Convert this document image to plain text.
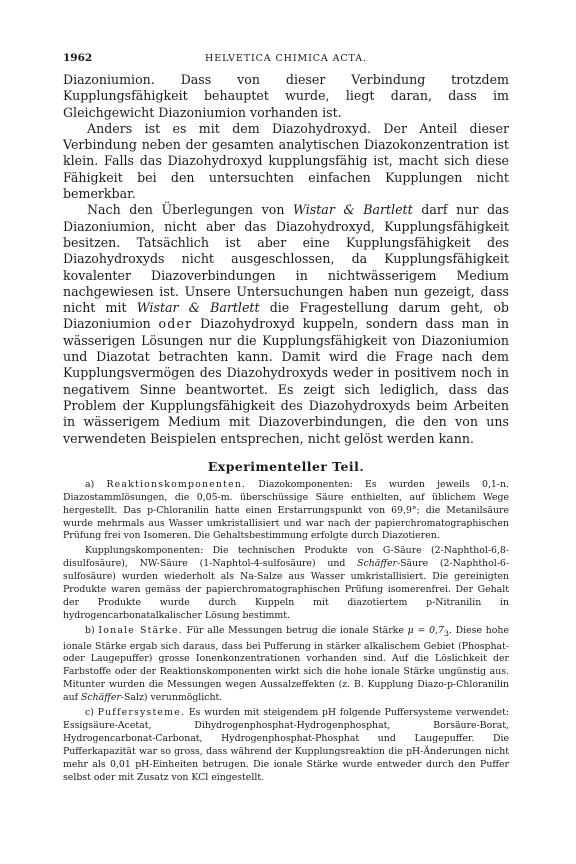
1962	HELVETICA CHIMICA ACTA.

Diazoniumion. Dass von dieser Verbindung trotzdem Kupplungsfähigkeit behauptet wurde, liegt daran, dass im Gleichgewicht Diazoniumion vorhanden ist.

Anders ist es mit dem Diazohydroxyd. Der Anteil dieser Verbindung neben der gesamten analytischen Diazokonzentration ist klein. Falls das Diazohydroxyd kupplungsfähig ist, macht sich diese Fähigkeit bei den untersuchten einfachen Kupplungen nicht bemerkbar.

Nach den Überlegungen von Wistar & Bartlett darf nur das Diazoniumion, nicht aber das Diazohydroxyd, Kupplungsfähigkeit besitzen. Tatsächlich ist aber eine Kupplungsfähigkeit des Diazohydroxyds nicht ausgeschlossen, da Kupplungsfähigkeit kovalenter Diazoverbindungen in nichtwässerigem Medium nachgewiesen ist. Unsere Untersuchungen haben nun gezeigt, dass nicht mit Wistar & Bartlett die Fragestellung darum geht, ob Diazoniumion oder Diazohydroxyd kuppeln, sondern dass man in wässerigen Lösungen nur die Kupplungsfähigkeit von Diazoniumion und Diazotat betrachten kann. Damit wird die Frage nach dem Kupplungsvermögen des Diazohydroxyds weder in positivem noch in negativem Sinne beantwortet. Es zeigt sich lediglich, dass das Problem der Kupplungsfähigkeit des Diazohydroxyds beim Arbeiten in wässerigem Medium mit Diazoverbindungen, die den von uns verwendeten Beispielen entsprechen, nicht gelöst werden kann.

Experimenteller Teil.

a) Reaktionskomponenten. Diazokomponenten: Es wurden jeweils 0,1-n. Diazostammlösungen, die 0,05-m. überschüssige Säure enthielten, auf üblichem Wege hergestellt. Das p-Chloranilin hatte einen Erstarrungspunkt von 69,9°; die Metanilsäure wurde mehrmals aus Wasser umkristallisiert und war nach der papierchromatographischen Prüfung frei von Isomeren. Die Gehaltsbestimmung erfolgte durch Diazotieren.

Kupplungskomponenten: Die technischen Produkte von G-Säure (2-Naphthol-6,8-disulfosäure), NW-Säure (1-Naphtol-4-sulfosäure) und Schäffer-Säure (2-Naphthol-6-sulfosäure) wurden wiederholt als Na-Salze aus Wasser umkristallisiert. Die gereinigten Produkte waren gemäss der papierchromatographischen Prüfung isomerenfrei. Der Gehalt der Produkte wurde durch Kuppeln mit diazotiertem p-Nitranilin in hydrogencarbonatalkalischer Lösung bestimmt.

b) Ionale Stärke. Für alle Messungen betrug die ionale Stärke $\mu = 0,7_3$. Diese hohe ionale Stärke ergab sich daraus, dass bei Pufferung in stärker alkalischem Gebiet (Phosphat- oder Laugepuffer) grosse Ionenkonzentrationen vorhanden sind. Auf die Löslichkeit der Farbstoffe oder der Reaktionskomponenten wirkt sich die hohe ionale Stärke ungünstig aus. Mitunter wurden die Messungen wegen Aussalzeffekten (z. B. Kupplung Diazo-p-Chloranilin auf Schäffer-Salz) verunmöglicht.

c) Puffersysteme. Es wurden mit steigendem pH folgende Puffersysteme verwendet: Essigsäure-Acetat, Dihydrogenphosphat-Hydrogenphosphat, Borsäure-Borat, Hydrogencarbonat-Carbonat, Hydrogenphosphat-Phosphat und Laugepuffer. Die Pufferkapazität war so gross, dass während der Kupplungsreaktion die pH-Änderungen nicht mehr als 0,01 pH-Einheiten betrugen. Die ionale Stärke wurde entweder durch den Puffer selbst oder mit Zusatz von KCl eingestellt.
